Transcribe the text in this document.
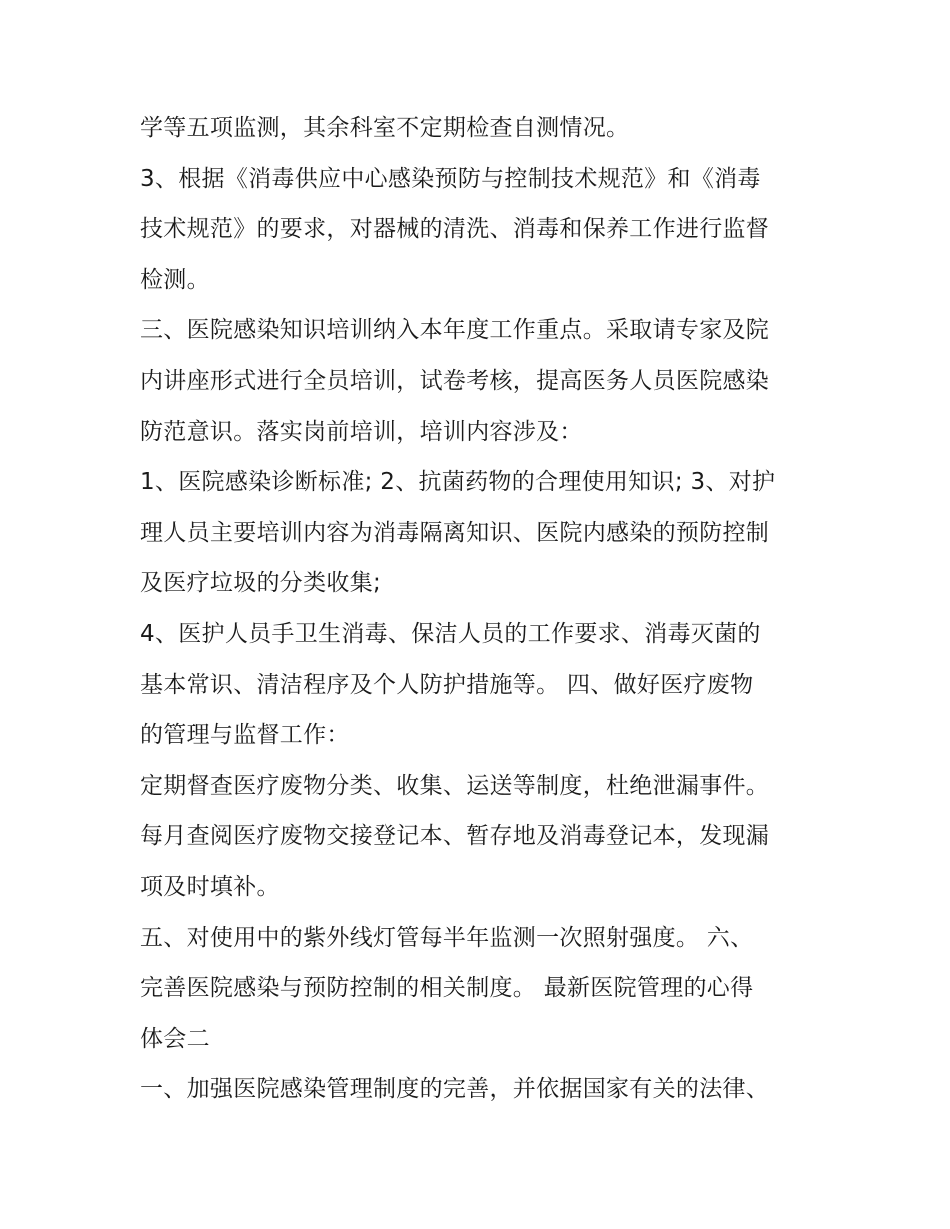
学等五项监测，其余科室不定期检查自测情况。
3、根据《消毒供应中心感染预防与控制技术规范》和《消毒
技术规范》的要求，对器械的清洗、消毒和保养工作进行监督
检测。
三、医院感染知识培训纳入本年度工作重点。采取请专家及院
内讲座形式进行全员培训，试卷考核，提高医务人员医院感染
防范意识。落实岗前培训，培训内容涉及：
1、医院感染诊断标准; 2、抗菌药物的合理使用知识; 3、对护
理人员主要培训内容为消毒隔离知识、医院内感染的预防控制
及医疗垃圾的分类收集;
4、医护人员手卫生消毒、保洁人员的工作要求、消毒灭菌的
基本常识、清洁程序及个人防护措施等。 四、做好医疗废物
的管理与监督工作：
定期督查医疗废物分类、收集、运送等制度，杜绝泄漏事件。
每月查阅医疗废物交接登记本、暂存地及消毒登记本，发现漏
项及时填补。
五、对使用中的紫外线灯管每半年监测一次照射强度。 六、
完善医院感染与预防控制的相关制度。 最新医院管理的心得
体会二
一、加强医院感染管理制度的完善，并依据国家有关的法律、
